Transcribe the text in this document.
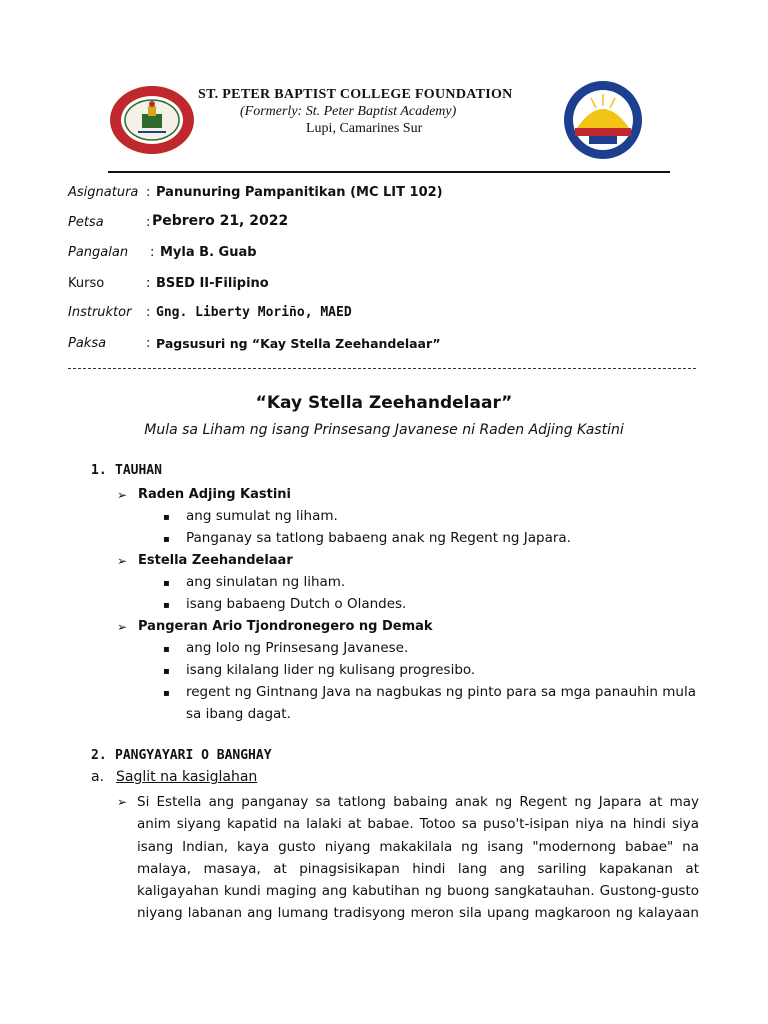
ST. PETER BAPTIST COLLEGE FOUNDATION
(Formerly: St. Peter Baptist Academy)
Lupi, Camarines Sur
Asignatura : Panunuring Pampanitikan (MC LIT 102)
Petsa	: Pebrero 21, 2022
Pangalan : Myla B. Guab
Kurso	: BSED II-Filipino
Instruktor : Gng. Liberty Moriño, MAED
Paksa	: Pagsusuri ng “Kay Stella Zeehandelaar”
“Kay Stella Zeehandelaar”
Mula sa Liham ng isang Prinsesang Javanese ni Raden Adjing Kastini
1. TAUHAN
➢ Raden Adjing Kastini
▪ ang sumulat ng liham.
▪ Panganay sa tatlong babaeng anak ng Regent ng Japara.
➢ Estella Zeehandelaar
▪ ang sinulatan ng liham.
▪ isang babaeng Dutch o Olandes.
➢ Pangeran Ario Tjondronegero ng Demak
▪ ang lolo ng Prinsesang Javanese.
▪ isang kilalang lider ng kulisang progresibo.
▪ regent ng Gintnang Java na nagbukas ng pinto para sa mga panauhin mula
sa ibang dagat.
2. PANGYAYARI O BANGHAY
a. Saglit na kasiglahan
➢ Si Estella ang panganay sa tatlong babaing anak ng Regent ng Japara at may
anim siyang kapatid na lalaki at babae. Totoo sa puso't-isipan niya na hindi siya
isang Indian, kaya gusto niyang makakilala ng isang "modernong babae" na
malaya, masaya, at pinagsisikapan hindi lang ang sariling kapakanan at
kaligayahan kundi maging ang kabutihan ng buong sangkatauhan. Gustong-gusto
niyang labanan ang lumang tradisyong meron sila upang magkaroon ng kalayaan
